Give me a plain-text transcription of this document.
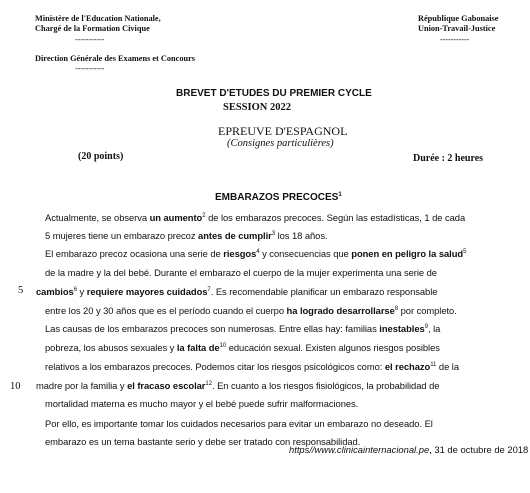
Ministère de l'Education Nationale,
Chargé de la Formation Civique
-----------
Direction Générale des Examens et Concours
-----------
République Gabonaise
Union-Travail-Justice
-----------
BREVET D'ETUDES DU PREMIER CYCLE
SESSION 2022
EPREUVE D'ESPAGNOL
(Consignes particulières)
(20 points)	Durée : 2 heures
EMBARAZOS PRECOCES$^1$
5
10
Actualmente, se observa un aumento$^2$ de los embarazos precoces. Según las estadísticas, 1 de cada
5 mujeres tiene un embarazo precoz antes de cumplir$^3$ los 18 años.
El embarazo precoz ocasiona una serie de riesgos$^4$ y consecuencias que ponen en peligro la salud$^5$
de la madre y la del bebé. Durante el embarazo el cuerpo de la mujer experimenta una serie de
cambios$^6$ y requiere mayores cuidados$^7$. Es recomendable planificar un embarazo responsable
entre los 20 y 30 años que es el período cuando el cuerpo ha logrado desarrollarse$^8$ por completo.
Las causas de los embarazos precoces son numerosas. Entre ellas hay: familias inestables$^9$, la
pobreza, los abusos sexuales y la falta $de^{10}$ educación sexual. Existen algunos riesgos posibles
relativos a los embarazos precoces. Podemos citar los riesgos psicológicos como: el rechazo$^{11}$ de la
madre por la familia y el fracaso escolar$^{12}$. En cuanto a los riesgos fisiológicos, la probabilidad de
mortalidad materna es mucho mayor y el bebé puede sufrir malformaciones.
Por ello, es importante tomar los cuidados necesarios para evitar un embarazo no deseado. El
embarazo es un tema bastante serio y debe ser tratado con responsabilidad.
https//www.clinicainternacional.pe, 31 de octubre de 2018
